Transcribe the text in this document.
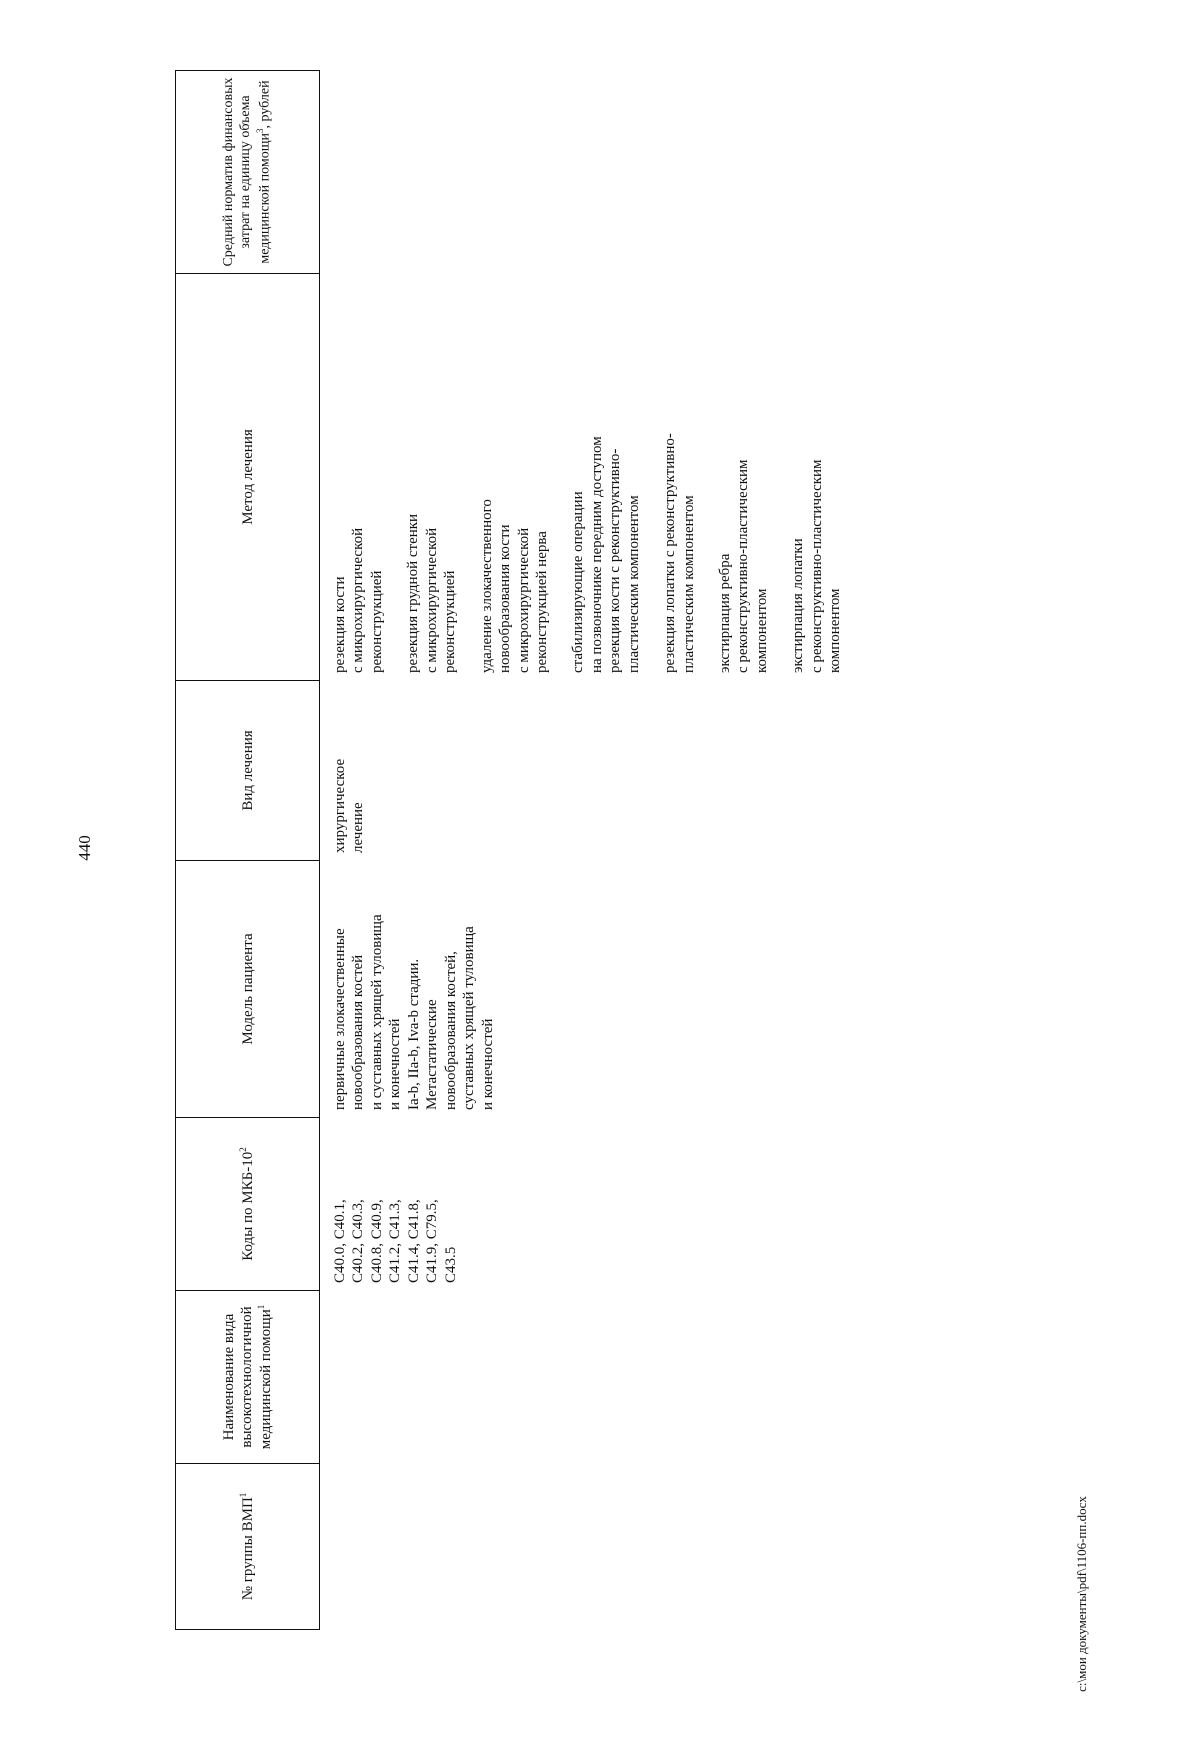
440
№ группы ВМП$^1$
Наименование вида высокотехнологичной медицинской помощи$^1$
Коды по МКБ-$10^2$
Модель пациента
Вид лечения
Метод лечения
Средний норматив финансовых затрат на единицу объема медицинской помощи$^3$, рублей
C40.0, C40.1, C40.2, C40.3, C40.8, C40.9, C41.2, C41.3, C41.4, C41.8, C41.9, C79.5, C43.5
первичные злокачественные новообразования костей и суставных хрящей туловища и конечностей Ia-b, IIa-b, Iva-b стадии. Метастатические новообразования костей, суставных хрящей туловища и конечностей
хирургическое лечение
резекция кости с микрохирургической реконструкцией резекция грудной стенки с микрохирургической реконструкцией удаление злокачественного новообразования кости с микрохирургической реконструкцией нерва стабилизирующие операции на позвоночнике передним доступом резекция кости с реконструктивно- пластическим компонентом резекция лопатки с реконструктивно- пластическим компонентом экстирпация ребра с реконструктивно-пластическим компонентом экстирпация лопатки с реконструктивно-пластическим компонентом
c:\мои документы\pdf\1106-пп.docx
